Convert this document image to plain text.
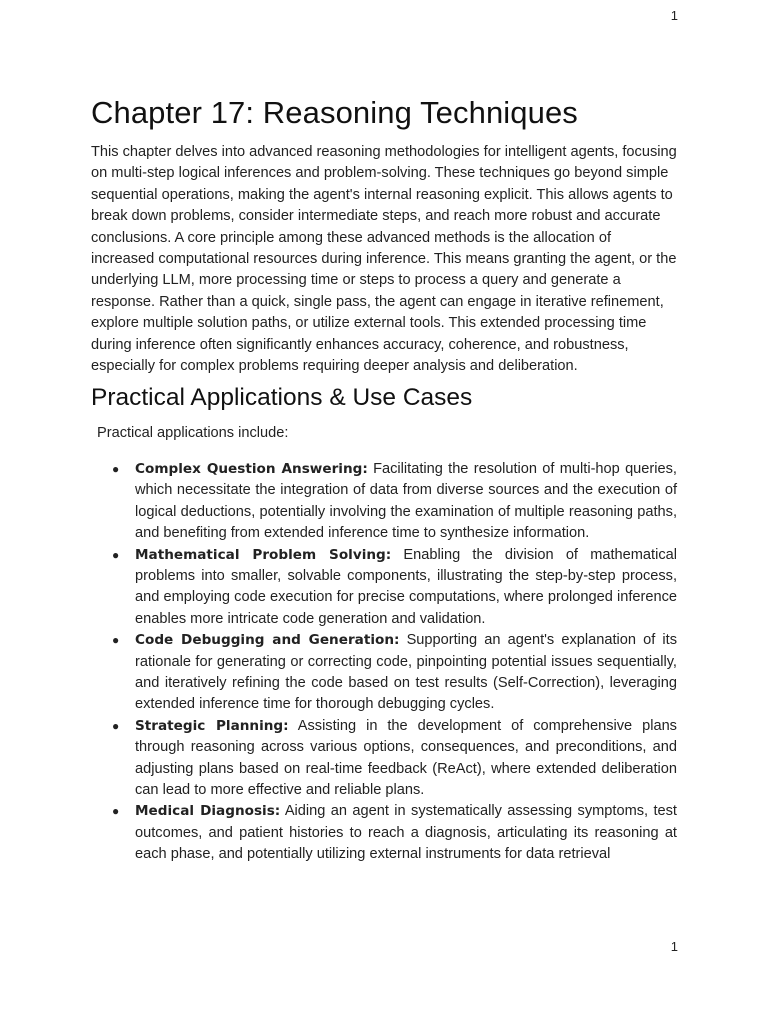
1
Chapter 17: Reasoning Techniques

This chapter delves into advanced reasoning methodologies for intelligent agents, focusing on multi-step logical inferences and problem-solving. These techniques go beyond simple sequential operations, making the agent's internal reasoning explicit. This allows agents to break down problems, consider intermediate steps, and reach more robust and accurate conclusions. A core principle among these advanced methods is the allocation of increased computational resources during inference. This means granting the agent, or the underlying LLM, more processing time or steps to process a query and generate a response. Rather than a quick, single pass, the agent can engage in iterative refinement, explore multiple solution paths, or utilize external tools. This extended processing time during inference often significantly enhances accuracy, coherence, and robustness, especially for complex problems requiring deeper analysis and deliberation.

Practical Applications & Use Cases

Practical applications include:

● Complex Question Answering: Facilitating the resolution of multi-hop queries, which necessitate the integration of data from diverse sources and the execution of logical deductions, potentially involving the examination of multiple reasoning paths, and benefiting from extended inference time to synthesize information.
● Mathematical Problem Solving: Enabling the division of mathematical problems into smaller, solvable components, illustrating the step-by-step process, and employing code execution for precise computations, where prolonged inference enables more intricate code generation and validation.
● Code Debugging and Generation: Supporting an agent's explanation of its rationale for generating or correcting code, pinpointing potential issues sequentially, and iteratively refining the code based on test results (Self-Correction), leveraging extended inference time for thorough debugging cycles.
● Strategic Planning: Assisting in the development of comprehensive plans through reasoning across various options, consequences, and preconditions, and adjusting plans based on real-time feedback (ReAct), where extended deliberation can lead to more effective and reliable plans.
● Medical Diagnosis: Aiding an agent in systematically assessing symptoms, test outcomes, and patient histories to reach a diagnosis, articulating its reasoning at each phase, and potentially utilizing external instruments for data retrieval
1
